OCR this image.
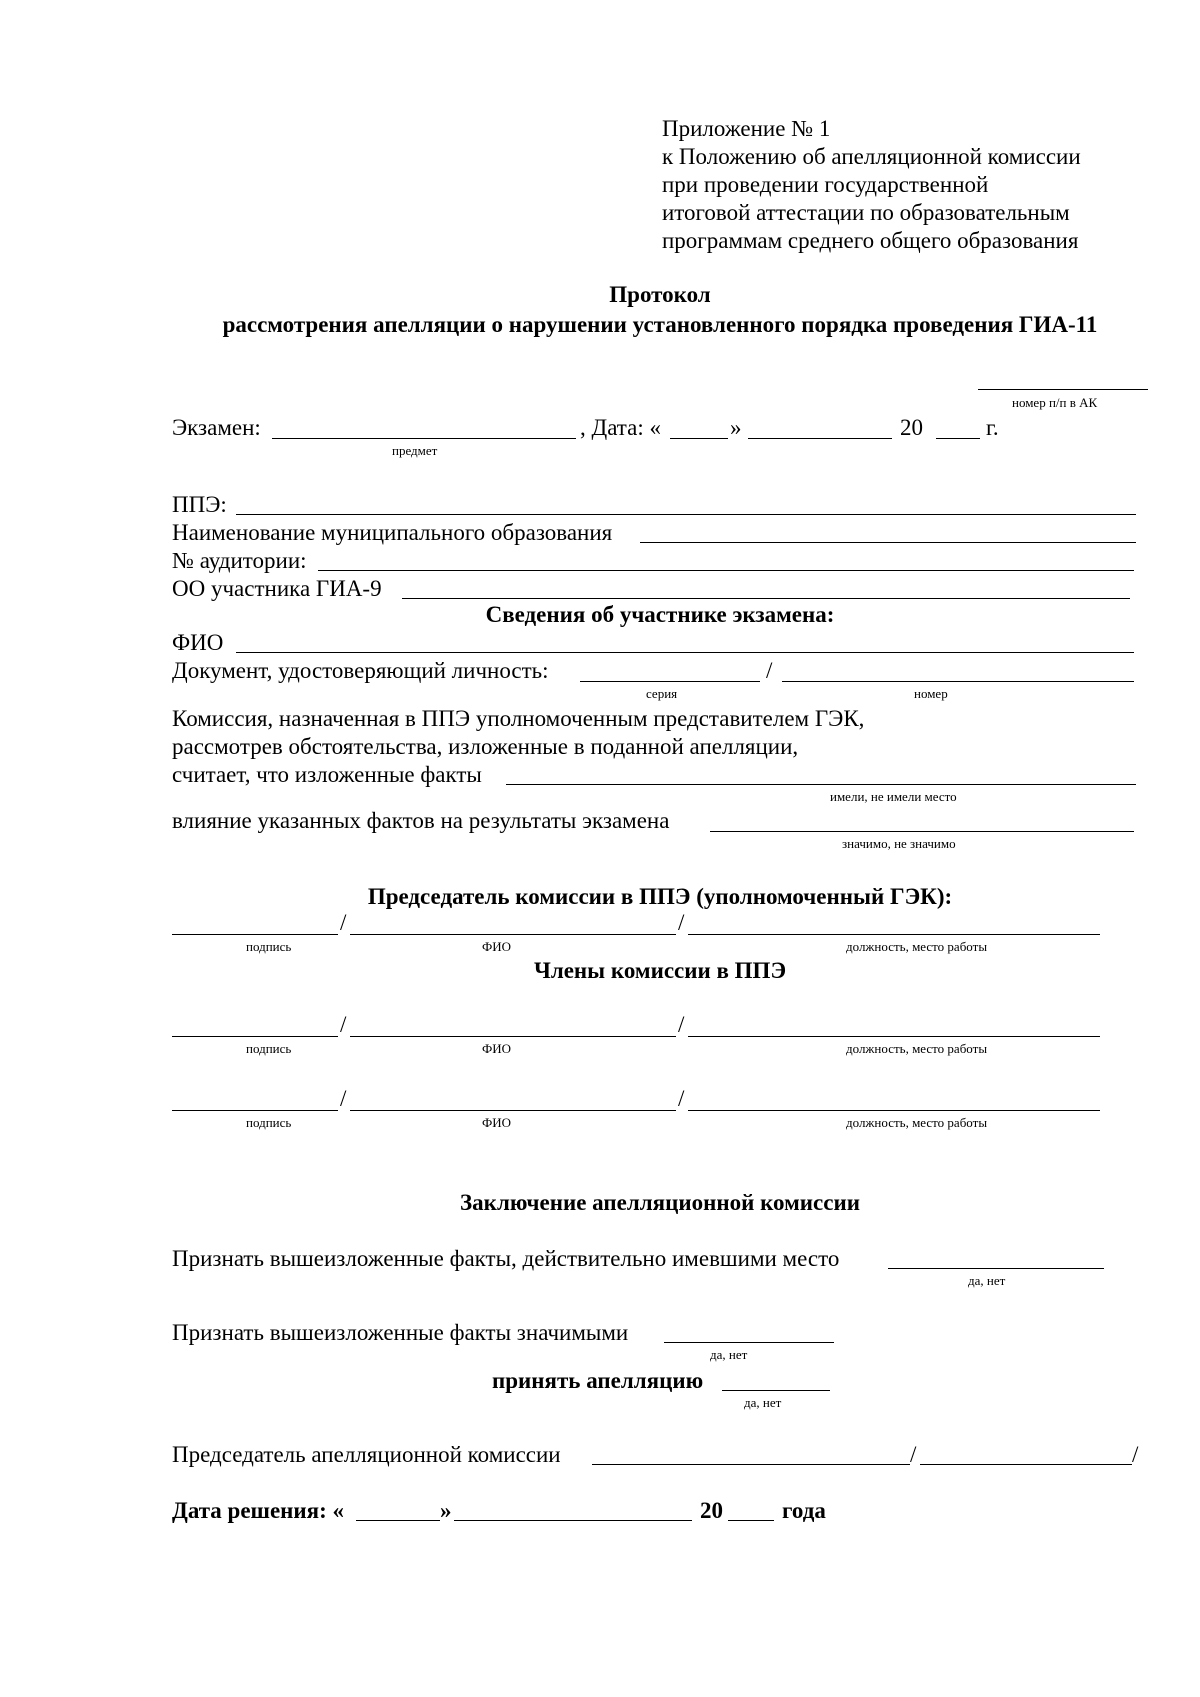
Приложение № 1
к Положению об апелляционной комиссии
при проведении государственной
итоговой аттестации по образовательным
программам среднего общего образования
Протокол
рассмотрения апелляции о нарушении установленного порядка проведения ГИА-11
номер п/п в АК
Экзамен:
предмет
, Дата: «	»	20	г.
ППЭ:
Наименование муниципального образования
№ аудитории:
ОО участника ГИА-9
Сведения об участнике экзамена:
ФИО
Документ, удостоверяющий личность:	/
серия	номер
Комиссия, назначенная в ППЭ уполномоченным представителем ГЭК,
рассмотрев обстоятельства, изложенные в поданной апелляции,
считает, что изложенные факты
имели, не имели место
влияние указанных фактов на результаты экзамена
значимо, не значимо
Председатель комиссии в ППЭ (уполномоченный ГЭК):
/	/
подпись	ФИО	должность, место работы
Члены комиссии в ППЭ
/	/
подпись	ФИО	должность, место работы
/	/
подпись	ФИО	должность, место работы
Заключение апелляционной комиссии
Признать вышеизложенные факты, действительно имевшими место
да, нет
Признать вышеизложенные факты значимыми
да, нет
принять апелляцию
да, нет
Председатель апелляционной комиссии	/	/
Дата решения: «	»	20	года
